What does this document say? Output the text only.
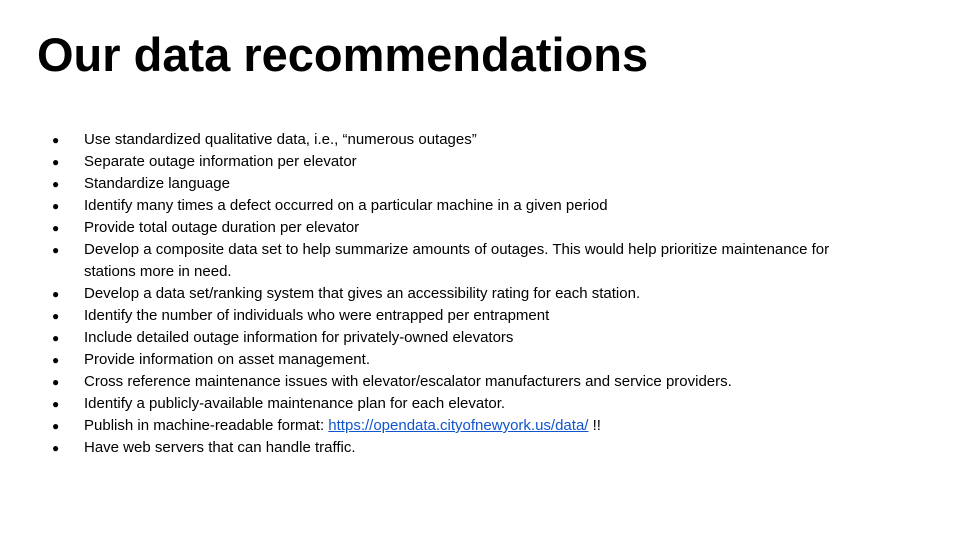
Our data recommendations
● Use standardized qualitative data, i.e., “numerous outages”
● Separate outage information per elevator
● Standardize language
● Identify many times a defect occurred on a particular machine in a given period
● Provide total outage duration per elevator
● Develop a composite data set to help summarize amounts of outages. This would help prioritize maintenance for stations more in need.
● Develop a data set/ranking system that gives an accessibility rating for each station.
● Identify the number of individuals who were entrapped per entrapment
● Include detailed outage information for privately-owned elevators
● Provide information on asset management.
● Cross reference maintenance issues with elevator/escalator manufacturers and service providers.
● Identify a publicly-available maintenance plan for each elevator.
● Publish in machine-readable format: https://opendata.cityofnewyork.us/data/ !!
● Have web servers that can handle traffic.
